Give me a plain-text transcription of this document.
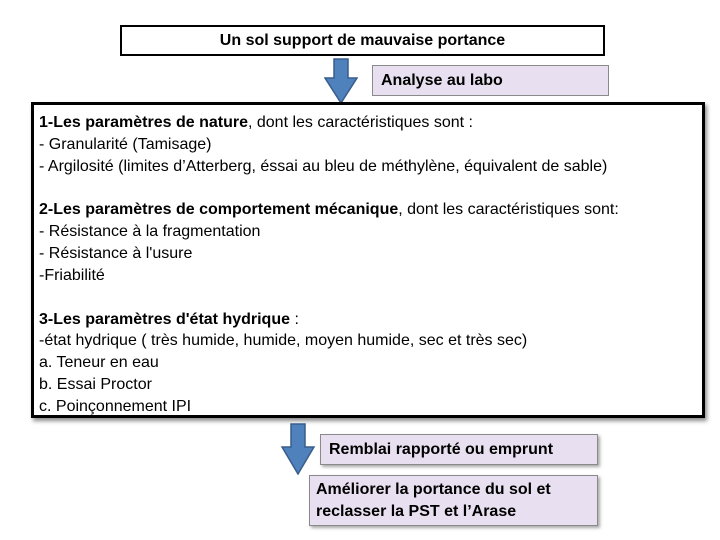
Un sol support de mauvaise portance
Analyse au labo

1-Les paramètres de nature, dont les caractéristiques sont :

- Granularité (Tamisage)

- Argilosité (limites d’Atterberg, éssai au bleu de méthylène, équivalent de sable)

2-Les paramètres de comportement mécanique, dont les caractéristiques sont:

- Résistance à la fragmentation

- Résistance à l'usure

-Friabilité

3-Les paramètres d'état hydrique :

-état hydrique ( très humide, humide, moyen humide, sec et très sec)

a. Teneur en eau

b. Essai Proctor

c. Poinçonnement IPI

Remblai rapporté ou emprunt
Améliorer la portance du sol et
reclasser la PST et l’Arase
